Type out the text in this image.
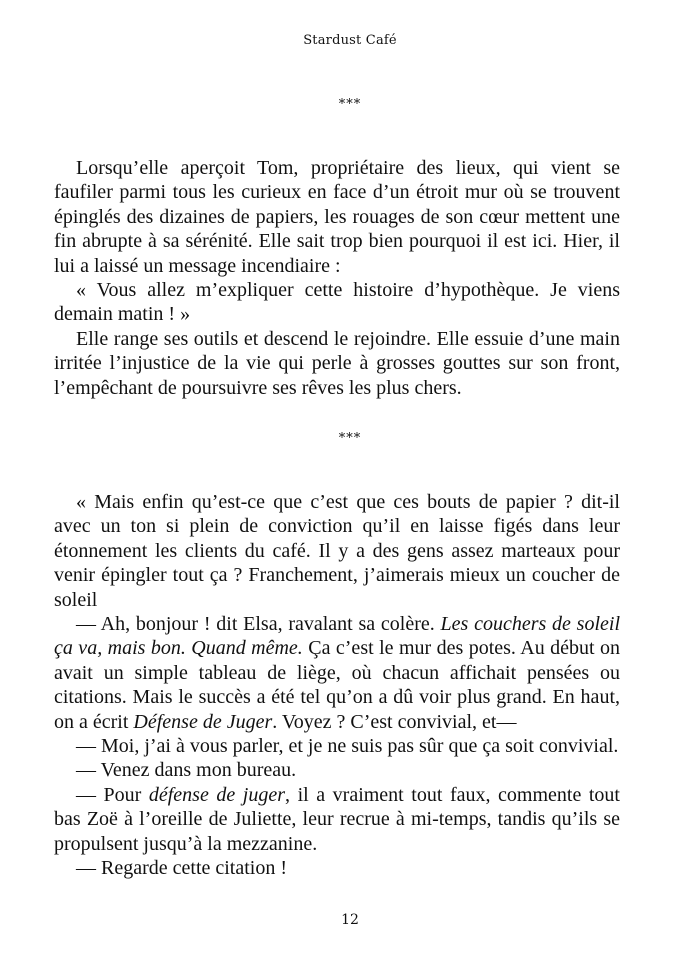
Stardust Café
***

Lorsqu’elle aperçoit Tom, propriétaire des lieux, qui vient se faufiler parmi tous les curieux en face d’un étroit mur où se trouvent épinglés des dizaines de papiers, les rouages de son cœur mettent une fin abrupte à sa sérénité. Elle sait trop bien pourquoi il est ici. Hier, il lui a laissé un message incendiaire :

« Vous allez m’expliquer cette histoire d’hypothèque. Je viens demain matin ! »

Elle range ses outils et descend le rejoindre. Elle essuie d’une main irritée l’injustice de la vie qui perle à grosses gouttes sur son front, l’empêchant de poursuivre ses rêves les plus chers.

***

« Mais enfin qu’est-ce que c’est que ces bouts de papier ? dit-il avec un ton si plein de conviction qu’il en laisse figés dans leur étonnement les clients du café. Il y a des gens assez marteaux pour venir épingler tout ça ? Franchement, j’aimerais mieux un coucher de soleil

— Ah, bonjour ! dit Elsa, ravalant sa colère. Les couchers de soleil ça va, mais bon. Quand même. Ça c’est le mur des potes. Au début on avait un simple tableau de liège, où chacun affichait pensées ou citations. Mais le succès a été tel qu’on a dû voir plus grand. En haut, on a écrit Défense de Juger. Voyez ? C’est convivial, et—

— Moi, j’ai à vous parler, et je ne suis pas sûr que ça soit convivial.

— Venez dans mon bureau.

— Pour défense de juger, il a vraiment tout faux, commente tout bas Zoë à l’oreille de Juliette, leur recrue à mi-temps, tandis qu’ils se propulsent jusqu’à la mezzanine.

— Regarde cette citation !

12
